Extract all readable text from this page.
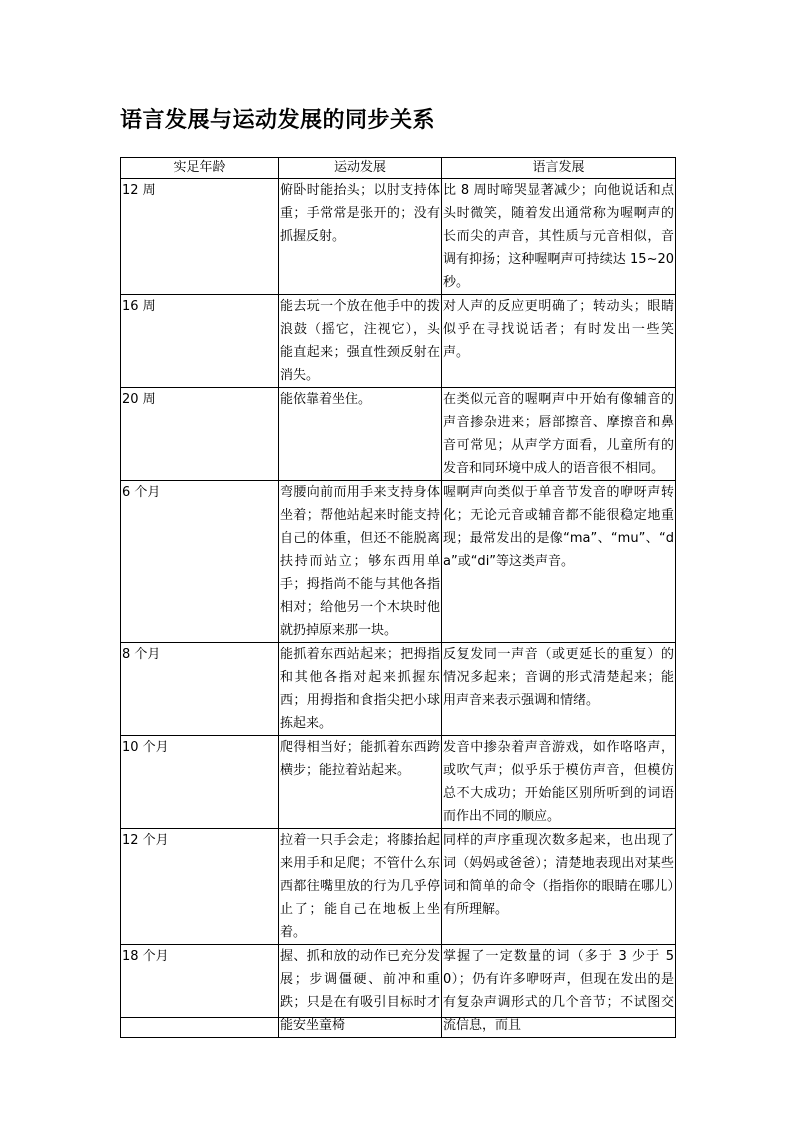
语言发展与运动发展的同步关系
实足年龄	运动发展	语言发展
12 周	俯卧时能抬头；以肘支持体重；手常常是张开的；没有抓握反射。	比 8 周时啼哭显著减少；向他说话和点头时微笑，随着发出通常称为喔啊声的长而尖的声音，其性质与元音相似，音调有抑扬；这种喔啊声可持续达 15~20 秒。
16 周	能去玩一个放在他手中的拨浪鼓（摇它，注视它），头能直起来；强直性颈反射在消失。	对人声的反应更明确了；转动头；眼睛似乎在寻找说话者；有时发出一些笑声。
20 周	能依靠着坐住。	在类似元音的喔啊声中开始有像辅音的声音掺杂进来；唇部擦音、摩擦音和鼻音可常见；从声学方面看，儿童所有的发音和同环境中成人的语音很不相同。
6 个月	弯腰向前而用手来支持身体坐着；帮他站起来时能支持自己的体重，但还不能脱离扶持而站立；够东西用单手；拇指尚不能与其他各指相对；给他另一个木块时他就扔掉原来那一块。	喔啊声向类似于单音节发音的咿呀声转化；无论元音或辅音都不能很稳定地重现；最常发出的是像“ma”、“mu”、“da”或“di”等这类声音。
8 个月	能抓着东西站起来；把拇指和其他各指对起来抓握东西；用拇指和食指尖把小球拣起来。	反复发同一声音（或更延长的重复）的情况多起来；音调的形式清楚起来；能用声音来表示强调和情绪。
10 个月	爬得相当好；能抓着东西跨横步；能拉着站起来。	发音中掺杂着声音游戏，如作咯咯声，或吹气声；似乎乐于模仿声音，但模仿总不大成功；开始能区别所听到的词语而作出不同的顺应。
12 个月	拉着一只手会走；将膝抬起来用手和足爬；不管什么东西都往嘴里放的行为几乎停止了；能自己在地板上坐着。	同样的声序重现次数多起来，也出现了词（妈妈或爸爸）；清楚地表现出对某些词和简单的命令（指指你的眼睛在哪儿）有所理解。
18 个月	握、抓和放的动作已充分发展；步调僵硬、前冲和重跌；只是在有吸引目标时才能安坐童椅	掌握了一定数量的词（多于 3 少于 50）；仍有许多咿呀声，但现在发出的是有复杂声调形式的几个音节；不试图交流信息，而且
